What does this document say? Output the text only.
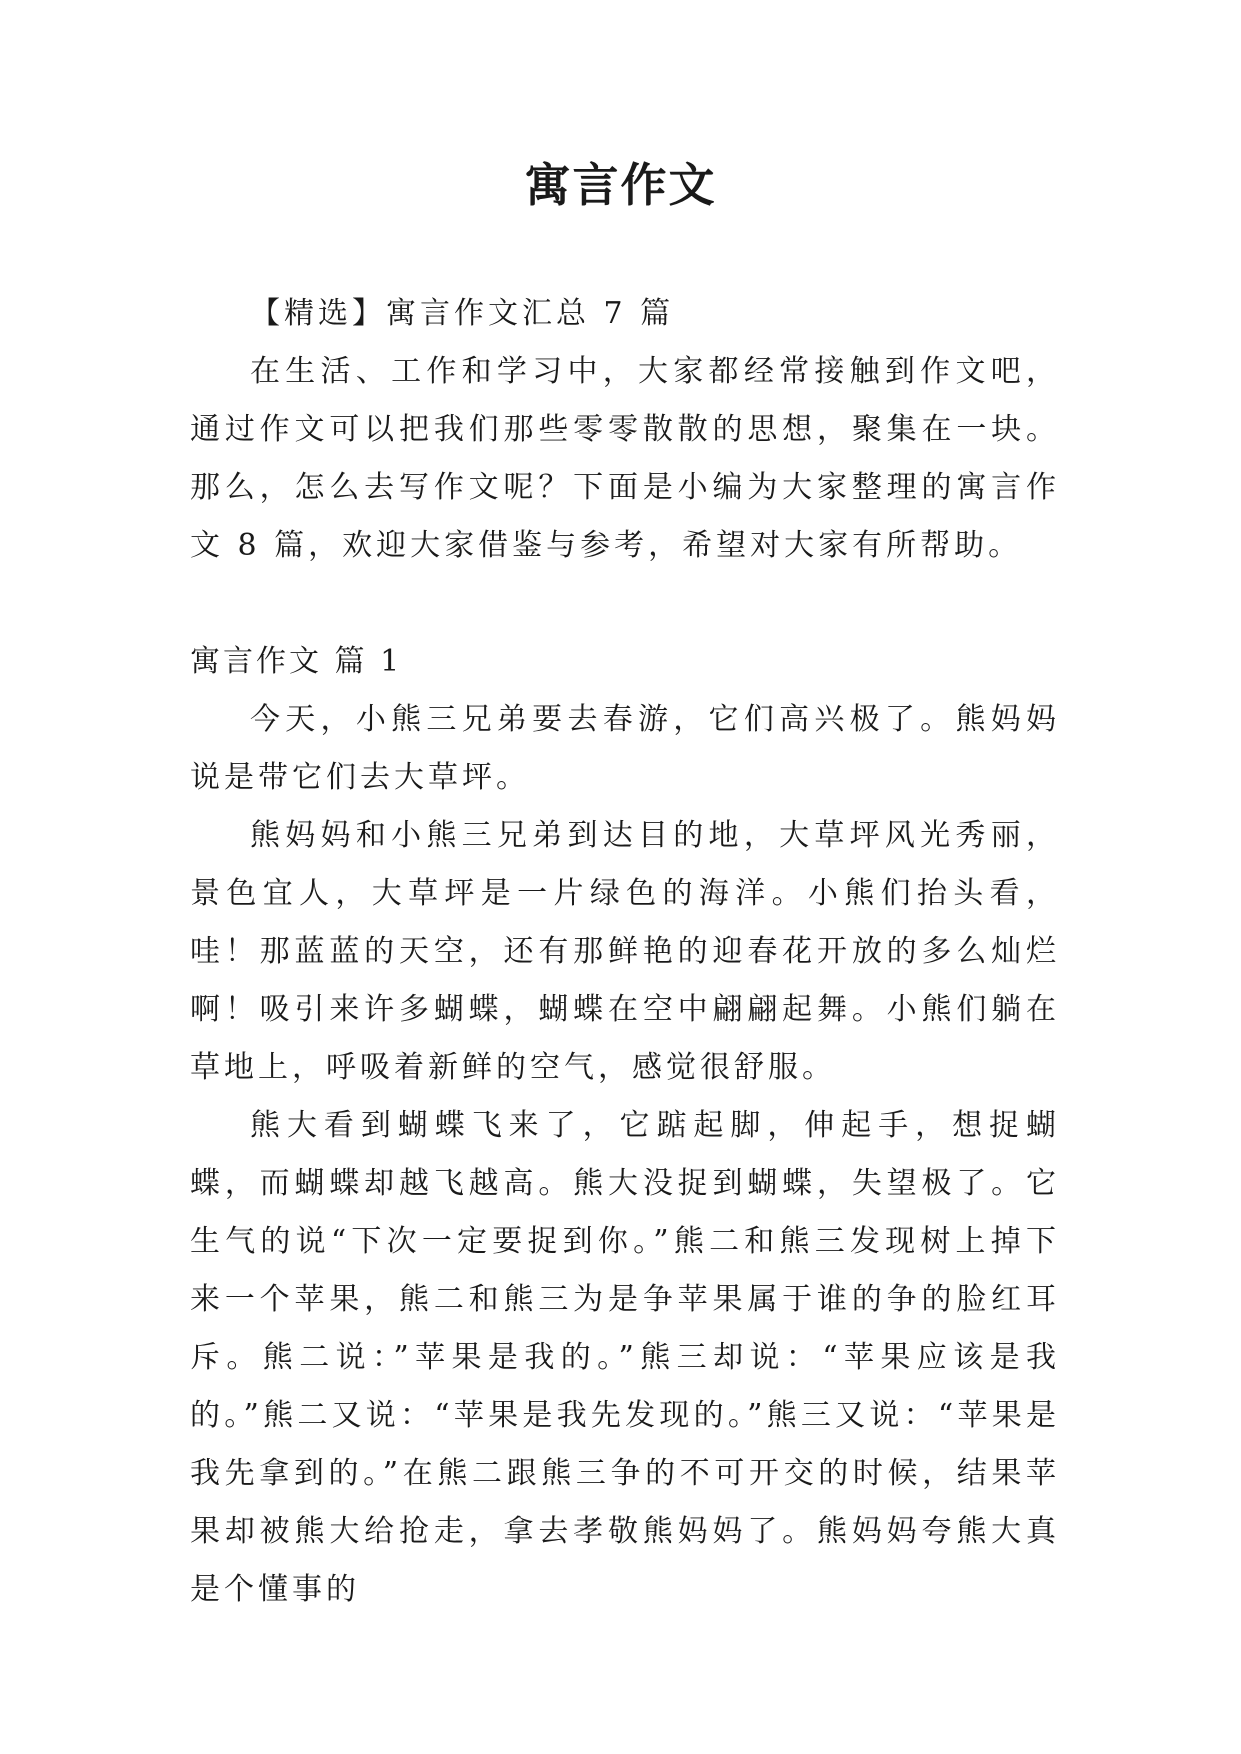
寓言作文

【精选】寓言作文汇总 7 篇

在生活、工作和学习中，大家都经常接触到作文吧，通过作文可以把我们那些零零散散的思想，聚集在一块。那么，怎么去写作文呢？下面是小编为大家整理的寓言作文 8 篇，欢迎大家借鉴与参考，希望对大家有所帮助。

寓言作文 篇 1

今天，小熊三兄弟要去春游，它们高兴极了。熊妈妈说是带它们去大草坪。

熊妈妈和小熊三兄弟到达目的地，大草坪风光秀丽，景色宜人，大草坪是一片绿色的海洋。小熊们抬头看，哇！那蓝蓝的天空，还有那鲜艳的迎春花开放的多么灿烂啊！吸引来许多蝴蝶，蝴蝶在空中翩翩起舞。小熊们躺在草地上，呼吸着新鲜的空气，感觉很舒服。

熊大看到蝴蝶飞来了，它踮起脚，伸起手，想捉蝴蝶，而蝴蝶却越飞越高。熊大没捉到蝴蝶，失望极了。它生气的说“下次一定要捉到你。”熊二和熊三发现树上掉下来一个苹果，熊二和熊三为是争苹果属于谁的争的脸红耳斥。熊二说：”苹果是我的。”熊三却说：“苹果应该是我的。”熊二又说：“苹果是我先发现的。”熊三又说：“苹果是我先拿到的。”在熊二跟熊三争的不可开交的时候，结果苹果却被熊大给抢走，拿去孝敬熊妈妈了。熊妈妈夸熊大真是个懂事的
